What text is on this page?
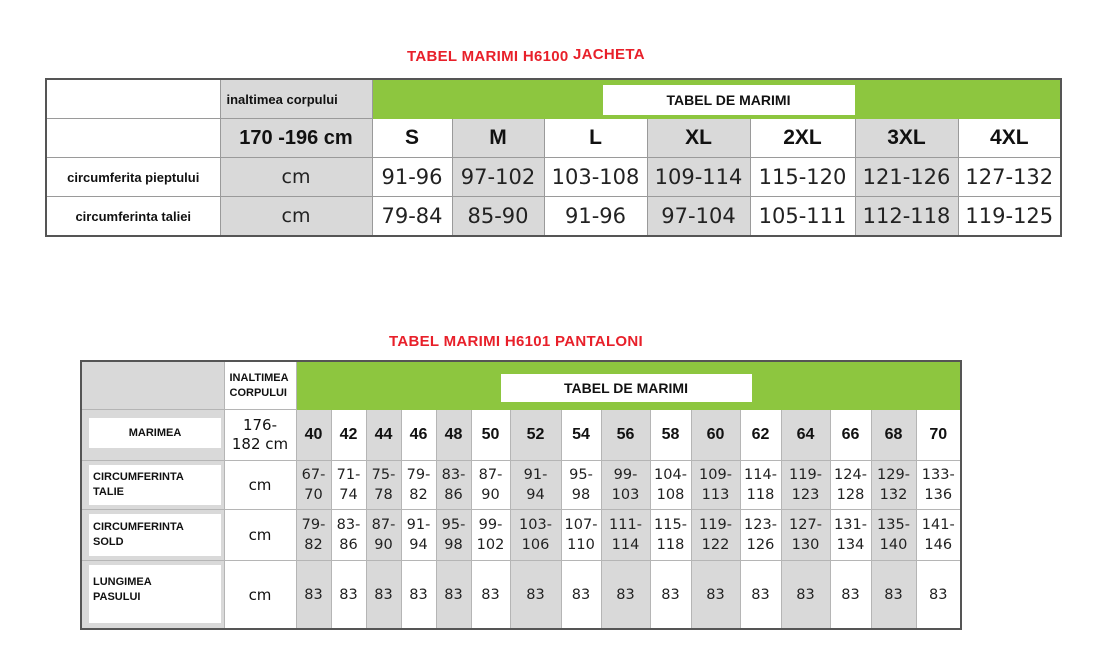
TABEL MARIMI H6100 JACHETA
	inaltimea corpului	TABEL DE MARIMI						

	170 -196 cm	S	M	L	XL	2XL	3XL	4XL
circumferita pieptului	cm	91-96	97-102	103-108	109-114	115-120	121-126	127-132
circumferinta taliei	cm	79-84	85-90	91-96	97-104	105-111	112-118	119-125
TABEL MARIMI H6101 PANTALONI
	INALTIMEA
CORPULUI	TABEL DE MARIMI															

MARIMEA	176-
182 cm	40	42	44	46	48	50	52	54	56	58	60	62	64	66	68	70

CIRCUMFERINTA
TALIE	cm	67-
70	71-
74	75-
78	79-
82	83-
86	87-
90	91-
94	95-
98	99-
103	104-
108	109-
113	114-
118	119-
123	124-
128	129-
132	133-
136

CIRCUMFERINTA
SOLD	cm	79-
82	83-
86	87-
90	91-
94	95-
98	99-
102	103-
106	107-
110	111-
114	115-
118	119-
122	123-
126	127-
130	131-
134	135-
140	141-
146

LUNGIMEA
PASULUI	cm	83	83	83	83	83	83	83	83	83	83	83	83	83	83	83	83
